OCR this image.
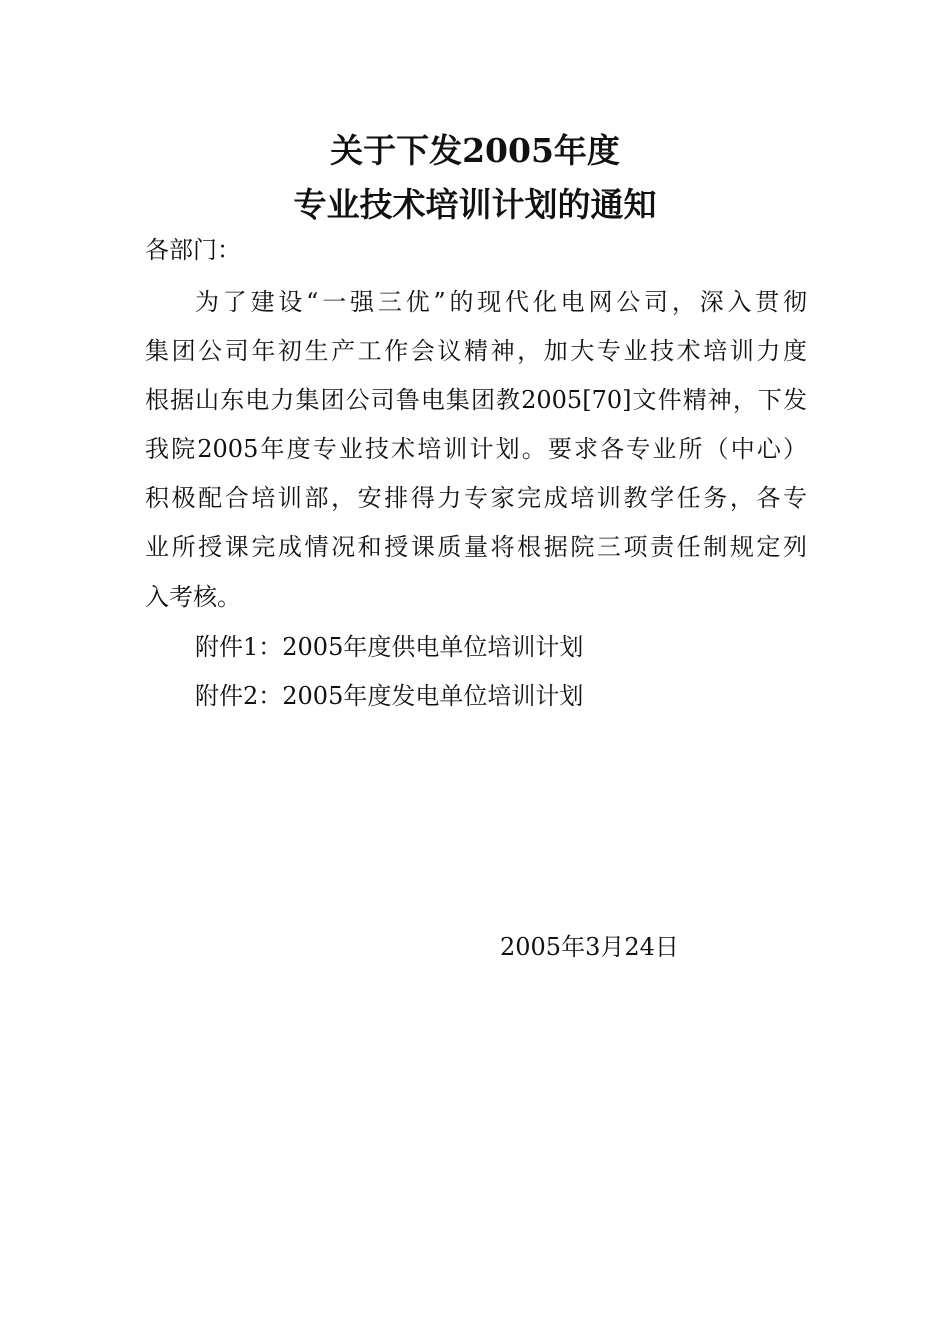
关于下发2005年度
专业技术培训计划的通知
各部门：
为了建设“一强三优”的现代化电网公司，深入贯彻
集团公司年初生产工作会议精神，加大专业技术培训力度
根据山东电力集团公司鲁电集团教2005[70]文件精神，下发
我院2005年度专业技术培训计划。要求各专业所（中心）
积极配合培训部，安排得力专家完成培训教学任务，各专
业所授课完成情况和授课质量将根据院三项责任制规定列
入考核。
附件1：2005年度供电单位培训计划
附件2：2005年度发电单位培训计划
2005年3月24日
